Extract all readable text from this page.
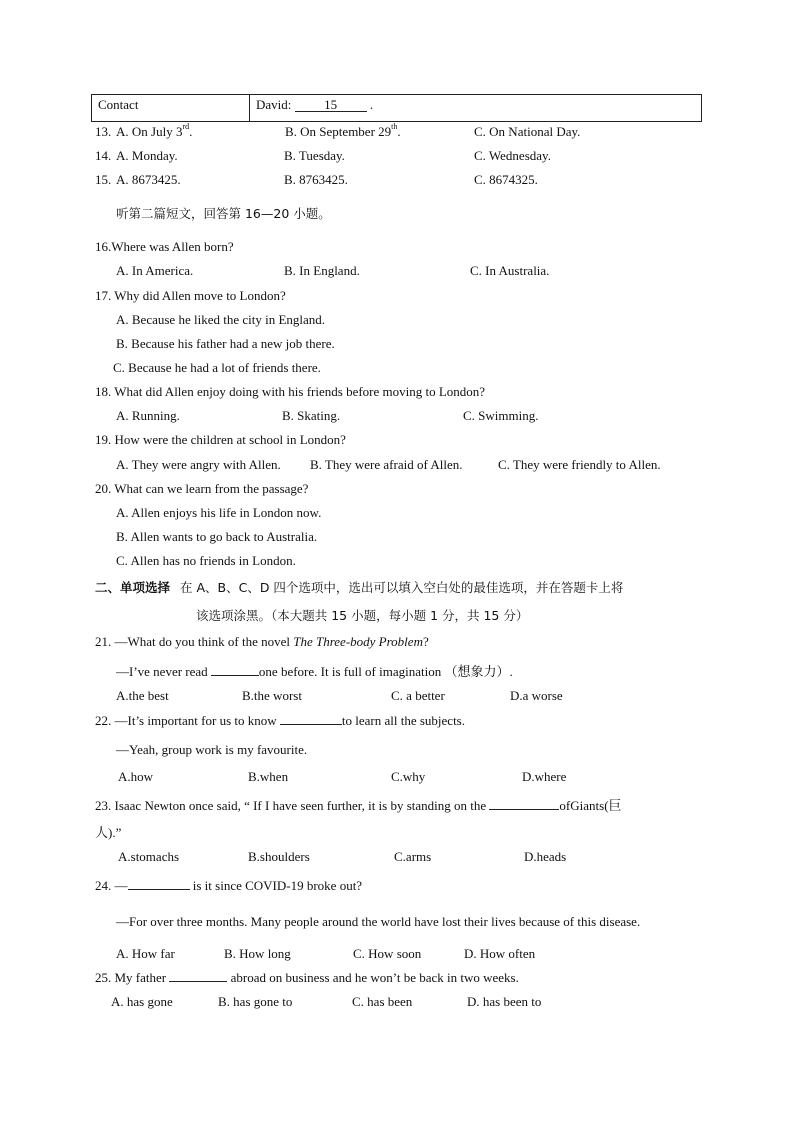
Contact	David:	15	.
13. A. On July 3rd.	B. On September 29th.	C. On National Day.
14. A. Monday.	B. Tuesday.	C. Wednesday.
15. A. 8673425.	B. 8763425.	C. 8674325.
听第二篇短文，回答第 16—20 小题。
16.Where was Allen born?
A. In America.	B. In England.	C. In Australia.
17. Why did Allen move to London?
A. Because he liked the city in England.
B. Because his father had a new job there.
C. Because he had a lot of friends there.
18. What did Allen enjoy doing with his friends before moving to London?
A. Running.	B. Skating.	C. Swimming.
19. How were the children at school in London?
A. They were angry with Allen. B. They were afraid of Allen.	C. They were friendly to Allen.
20. What can we learn from the passage?
A. Allen enjoys his life in London now.
B. Allen wants to go back to Australia.
C. Allen has no friends in London.
二、单项选择 在 A、B、C、D 四个选项中，选出可以填入空白处的最佳选项，并在答题卡上将
该选项涂黑。（本大题共 15 小题，每小题 1 分，共 15 分）
21. —What do you think of the novel The Three-body Problem?
—I’ve never read	one before. It is full of imagination （想象力）.
A.the best	B.the worst	C. a better	D.a worse
22. —It’s important for us to know	to learn all the subjects.
—Yeah, group work is my favourite.
A.how	B.when	C.why	D.where
23. Isaac Newton once said, “ If I have seen further, it is by standing on the	ofGiants(巨
人).”
A.stomachs	B.shoulders	C.arms	D.heads
24. —	is it since COVID-19 broke out?
—For over three months. Many people around the world have lost their lives because of this disease.
A. How far	B. How long	C. How soon	D. How often
25. My father	abroad on business and he won’t be back in two weeks.
A. has gone	B. has gone to	C. has been	D. has been to
